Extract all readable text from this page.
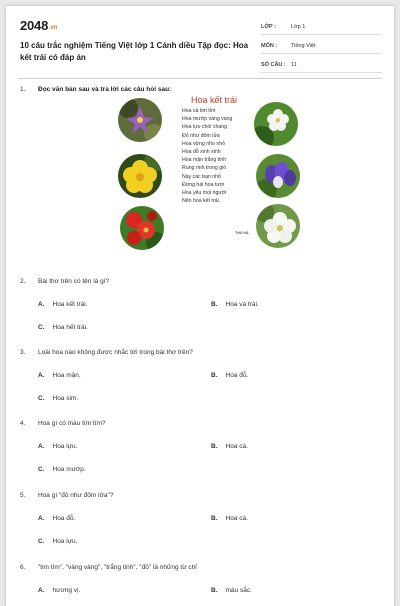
2048.vn
10 câu trắc nghiệm Tiếng Việt lớp 1 Cánh diều Tập đọc: Hoa kết trái có đáp án
LỚP :	Lớp 1
MÔN :	Tiếng Việt
SỐ CÂU : 11
1.	Đọc văn bản sau và trả lời các câu hỏi sau:
Hoa kết trái
Hoa cà tim tím
Hoa mướp vàng vàng
Hoa lựu chói chang
Đỏ như đốm lửa
Hoa vừng nho nhỏ
Hoa đỗ xinh xinh
Hoa mận trắng tinh
Rung rinh trong gió
Này các bạn nhỏ
Đừng hái hoa tươi
Hoa yêu mọi người
Nên hoa kết trái.
THU HÀ
2.	Bài thơ trên có tên là gì?
A. Hoa kết trái.	B. Hoa và trái.
C. Hoa hết trái.
3.	Loài hoa nào không được nhắc tới trong bài thơ trên?
A. Hoa mận.	B. Hoa đỗ.
C. Hoa sim.
4.	Hoa gì có màu tím tím?
A. Hoa lựu.	B. Hoa cà.
C. Hoa mướp.
5.	Hoa gì "đỏ như đốm lửa"?
A. Hoa đỗ.	B. Hoa cà.
C. Hoa lựu.
6.	"tim tím", "vàng vàng", "trắng tinh", "đỏ" là những từ chỉ
A. hương vị.	B. màu sắc.
